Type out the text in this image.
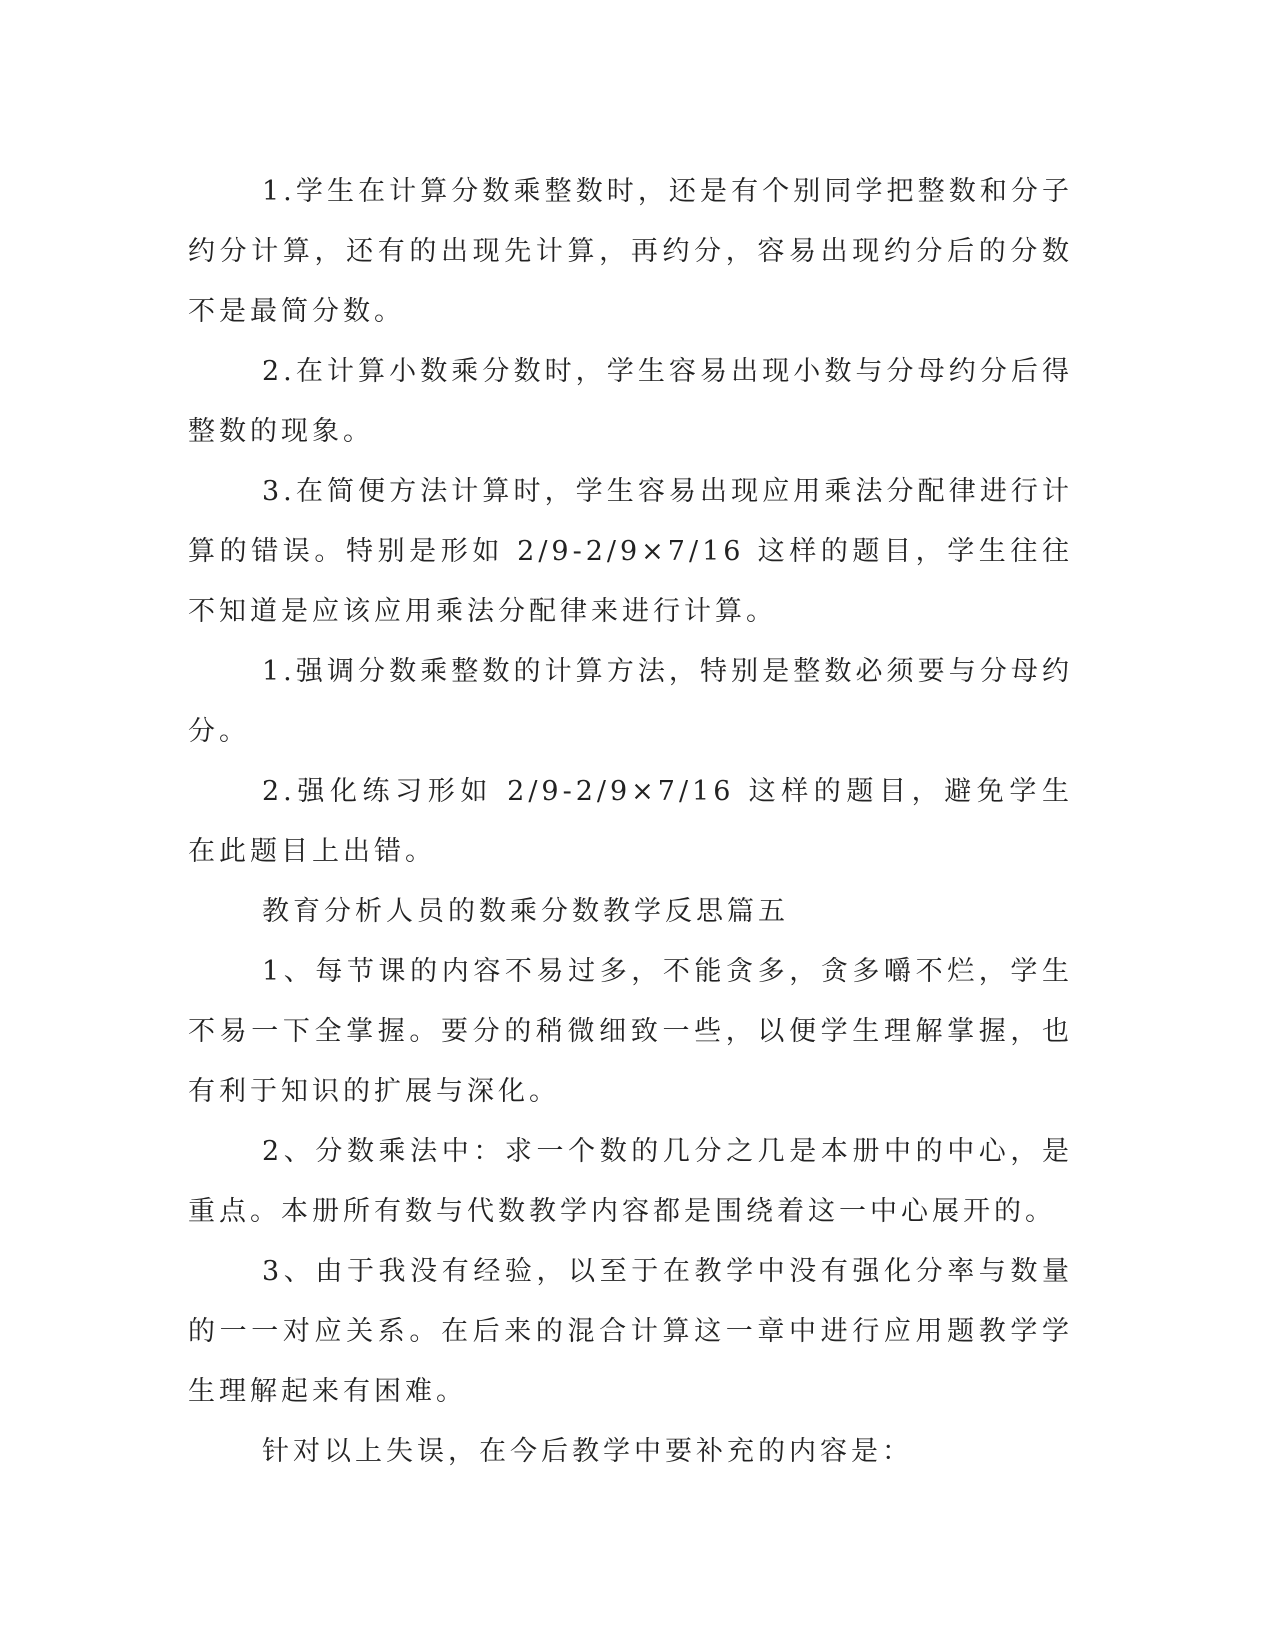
1.学生在计算分数乘整数时，还是有个别同学把整数和分子约分计算，还有的出现先计算，再约分，容易出现约分后的分数不是最简分数。

2.在计算小数乘分数时，学生容易出现小数与分母约分后得整数的现象。

3.在简便方法计算时，学生容易出现应用乘法分配律进行计算的错误。特别是形如 2/9-2/9×7/16 这样的题目，学生往往不知道是应该应用乘法分配律来进行计算。

1.强调分数乘整数的计算方法，特别是整数必须要与分母约分。

2.强化练习形如 2/9-2/9×7/16 这样的题目，避免学生在此题目上出错。

教育分析人员的数乘分数教学反思篇五

1、每节课的内容不易过多，不能贪多，贪多嚼不烂，学生不易一下全掌握。要分的稍微细致一些，以便学生理解掌握，也有利于知识的扩展与深化。

2、分数乘法中：求一个数的几分之几是本册中的中心，是重点。本册所有数与代数教学内容都是围绕着这一中心展开的。

3、由于我没有经验，以至于在教学中没有强化分率与数量的一一对应关系。在后来的混合计算这一章中进行应用题教学学生理解起来有困难。

针对以上失误，在今后教学中要补充的内容是：
